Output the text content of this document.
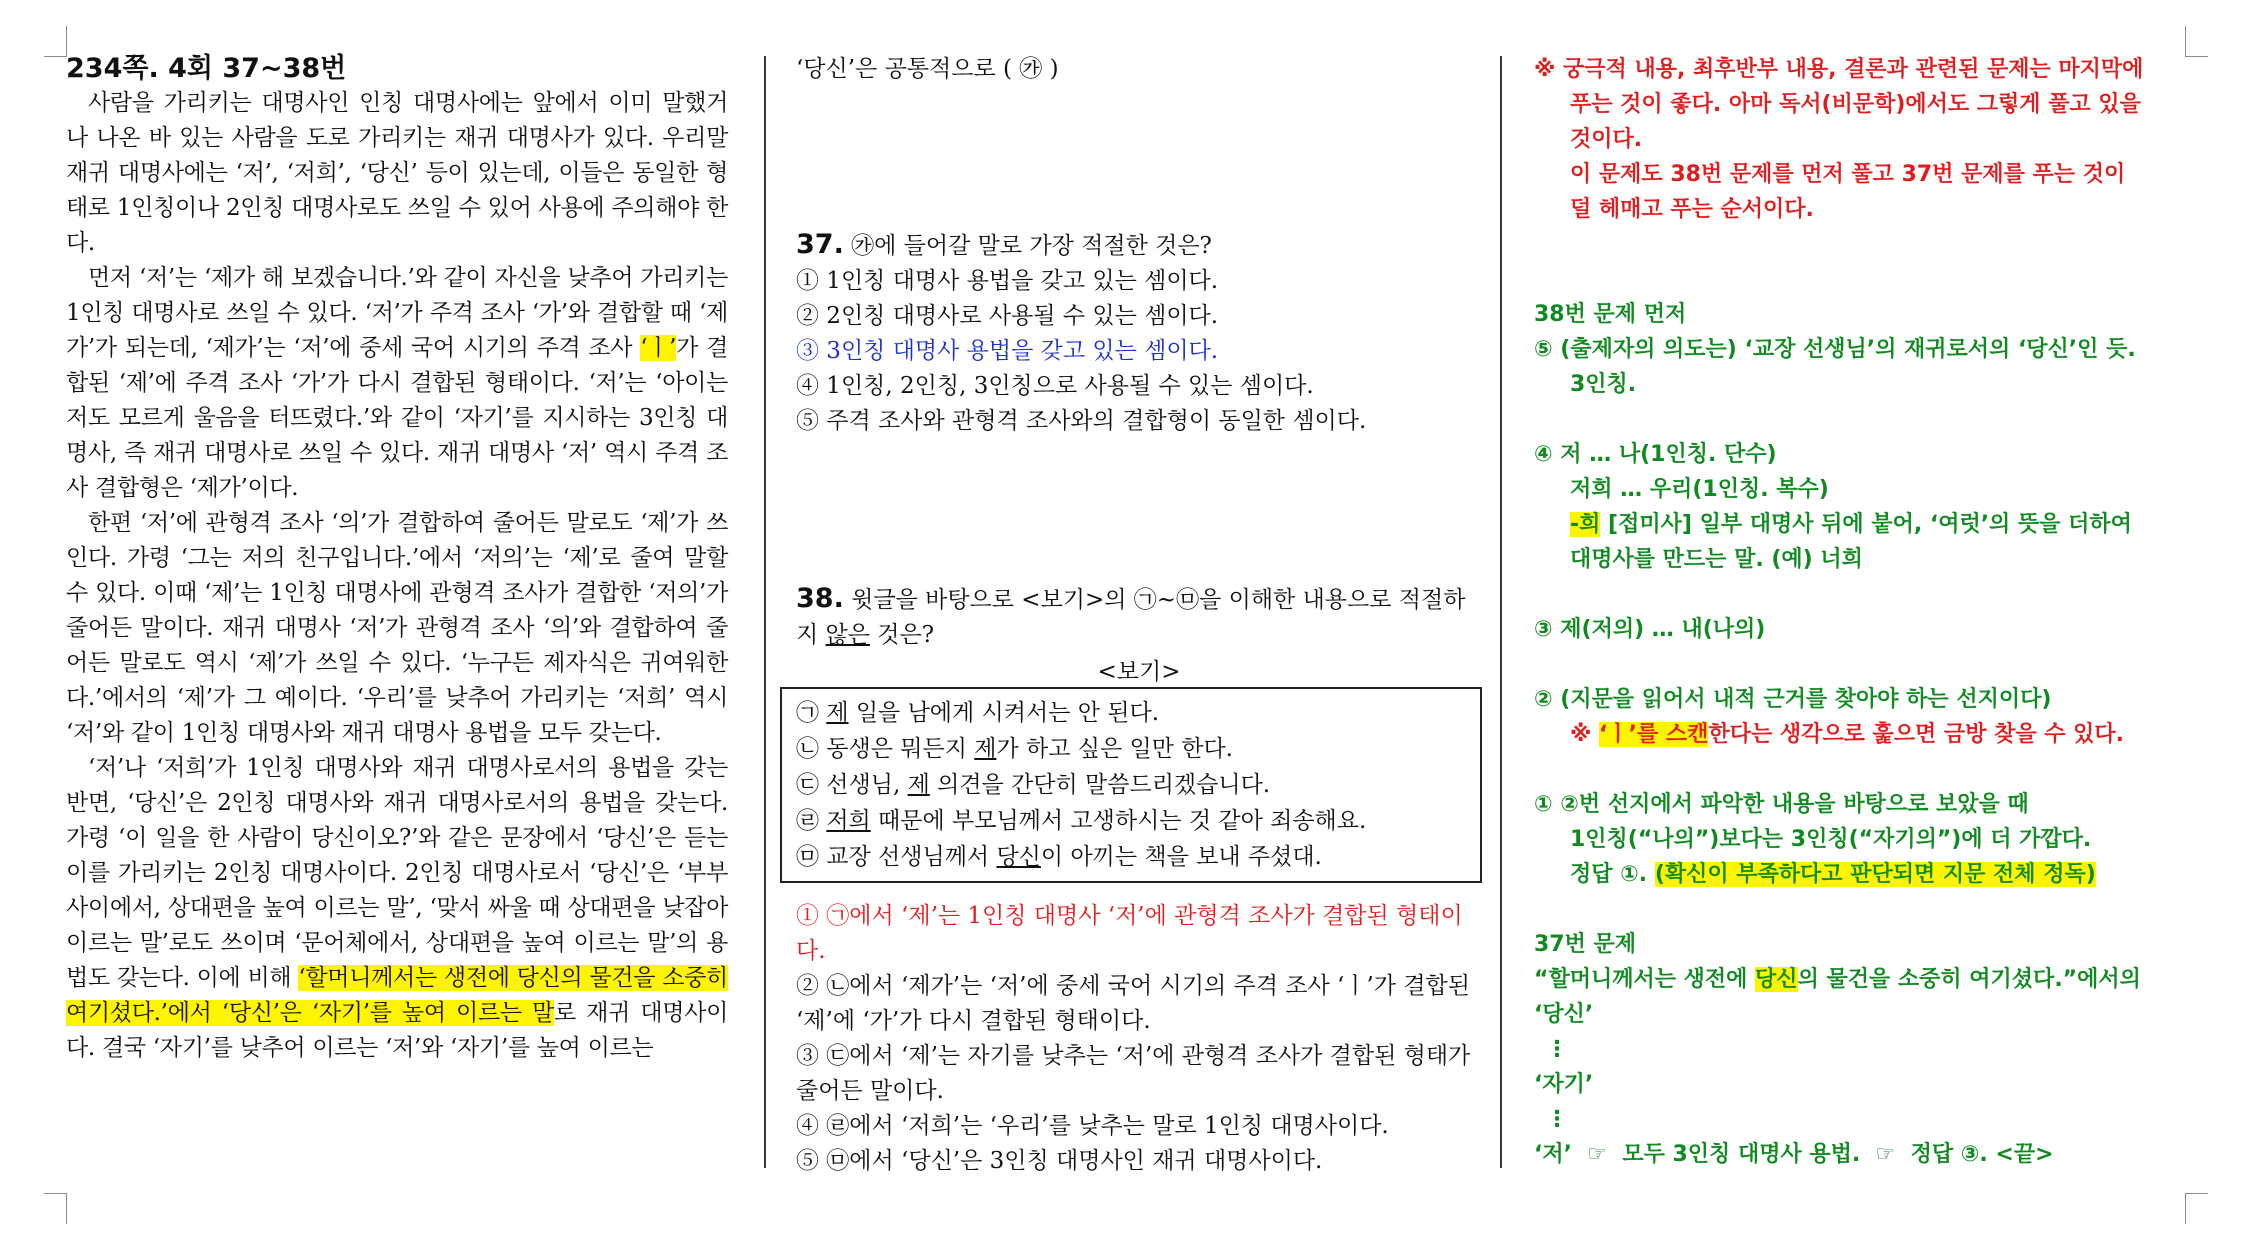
234쪽. 4회 37~38번

사람을 가리키는 대명사인 인칭 대명사에는 앞에서 이미 말했거나 나온 바 있는 사람을 도로 가리키는 재귀 대명사가 있다. 우리말 재귀 대명사에는 ‘저’, ‘저희’, ‘당신’ 등이 있는데, 이들은 동일한 형태로 1인칭이나 2인칭 대명사로도 쓰일 수 있어 사용에 주의해야 한다.

먼저 ‘저’는 ‘제가 해 보겠습니다.’와 같이 자신을 낮추어 가리키는 1인칭 대명사로 쓰일 수 있다. ‘저’가 주격 조사 ‘가’와 결합할 때 ‘제가’가 되는데, ‘제가’는 ‘저’에 중세 국어 시기의 주격 조사 ‘ㅣ’가 결합된 ‘제’에 주격 조사 ‘가’가 다시 결합된 형태이다. ‘저’는 ‘아이는 저도 모르게 울음을 터뜨렸다.’와 같이 ‘자기’를 지시하는 3인칭 대명사, 즉 재귀 대명사로 쓰일 수 있다. 재귀 대명사 ‘저’ 역시 주격 조사 결합형은 ‘제가’이다.

한편 ‘저’에 관형격 조사 ‘의’가 결합하여 줄어든 말로도 ‘제’가 쓰인다. 가령 ‘그는 저의 친구입니다.’에서 ‘저의’는 ‘제’로 줄여 말할 수 있다. 이때 ‘제’는 1인칭 대명사에 관형격 조사가 결합한 ‘저의’가 줄어든 말이다. 재귀 대명사 ‘저’가 관형격 조사 ‘의’와 결합하여 줄어든 말로도 역시 ‘제’가 쓰일 수 있다. ‘누구든 제자식은 귀여워한다.’에서의 ‘제’가 그 예이다. ‘우리’를 낮추어 가리키는 ‘저희’ 역시 ‘저’와 같이 1인칭 대명사와 재귀 대명사 용법을 모두 갖는다.

‘저’나 ‘저희’가 1인칭 대명사와 재귀 대명사로서의 용법을 갖는 반면, ‘당신’은 2인칭 대명사와 재귀 대명사로서의 용법을 갖는다. 가령 ‘이 일을 한 사람이 당신이오?’와 같은 문장에서 ‘당신’은 듣는 이를 가리키는 2인칭 대명사이다. 2인칭 대명사로서 ‘당신’은 ‘부부 사이에서, 상대편을 높여 이르는 말’, ‘맞서 싸울 때 상대편을 낮잡아 이르는 말’로도 쓰이며 ‘문어체에서, 상대편을 높여 이르는 말’의 용법도 갖는다. 이에 비해 ‘할머니께서는 생전에 당신의 물건을 소중히 여기셨다.’에서 ‘당신’은 ‘자기’를 높여 이르는 말로 재귀 대명사이다. 결국 ‘자기’를 낮추어 이르는 ‘저’와 ‘자기’를 높여 이르는

‘당신’은 공통적으로 ( ㉮ )

37. ㉮에 들어갈 말로 가장 적절한 것은?

① 1인칭 대명사 용법을 갖고 있는 셈이다.

② 2인칭 대명사로 사용될 수 있는 셈이다.

③ 3인칭 대명사 용법을 갖고 있는 셈이다.

④ 1인칭, 2인칭, 3인칭으로 사용될 수 있는 셈이다.

⑤ 주격 조사와 관형격 조사와의 결합형이 동일한 셈이다.

38. 윗글을 바탕으로 <보기>의 ㉠~㉤을 이해한 내용으로 적절하지 않은 것은?

<보기>

㉠ 제 일을 남에게 시켜서는 안 된다.

㉡ 동생은 뭐든지 제가 하고 싶은 일만 한다.

㉢ 선생님, 제 의견을 간단히 말씀드리겠습니다.

㉣ 저희 때문에 부모님께서 고생하시는 것 같아 죄송해요.

㉤ 교장 선생님께서 당신이 아끼는 책을 보내 주셨대.

① ㉠에서 ‘제’는 1인칭 대명사 ‘저’에 관형격 조사가 결합된 형태이다.

② ㉡에서 ‘제가’는 ‘저’에 중세 국어 시기의 주격 조사 ‘ㅣ’가 결합된 ‘제’에 ‘가’가 다시 결합된 형태이다.

③ ㉢에서 ‘제’는 자기를 낮추는 ‘저’에 관형격 조사가 결합된 형태가 줄어든 말이다.

④ ㉣에서 ‘저희’는 ‘우리’를 낮추는 말로 1인칭 대명사이다.

⑤ ㉤에서 ‘당신’은 3인칭 대명사인 재귀 대명사이다.

※ 궁극적 내용, 최후반부 내용, 결론과 관련된 문제는 마지막에
푸는 것이 좋다. 아마 독서(비문학)에서도 그렇게 풀고 있을
것이다.
이 문제도 38번 문제를 먼저 풀고 37번 문제를 푸는 것이
덜 헤매고 푸는 순서이다.
38번 문제 먼저
⑤ (출제자의 의도는) ‘교장 선생님’의 재귀로서의 ‘당신’인 듯.
3인칭.
④ 저 … 나(1인칭. 단수)
저희 … 우리(1인칭. 복수)
-희 [접미사] 일부 대명사 뒤에 붙어, ‘여럿’의 뜻을 더하여
대명사를 만드는 말. (예) 너희
③ 제(저의) … 내(나의)
② (지문을 읽어서 내적 근거를 찾아야 하는 선지이다)
※ ‘ㅣ’를 스캔한다는 생각으로 훑으면 금방 찾을 수 있다.
① ②번 선지에서 파악한 내용을 바탕으로 보았을 때
1인칭(“나의”)보다는 3인칭(“자기의”)에 더 가깝다.
정답 ①. (확신이 부족하다고 판단되면 지문 전체 정독)
37번 문제
“할머니께서는 생전에 당신의 물건을 소중히 여기셨다.”에서의
‘당신’
⋮
‘자기’
⋮
‘저’  ☞  모두 3인칭 대명사 용법.  ☞  정답 ③. <끝>
